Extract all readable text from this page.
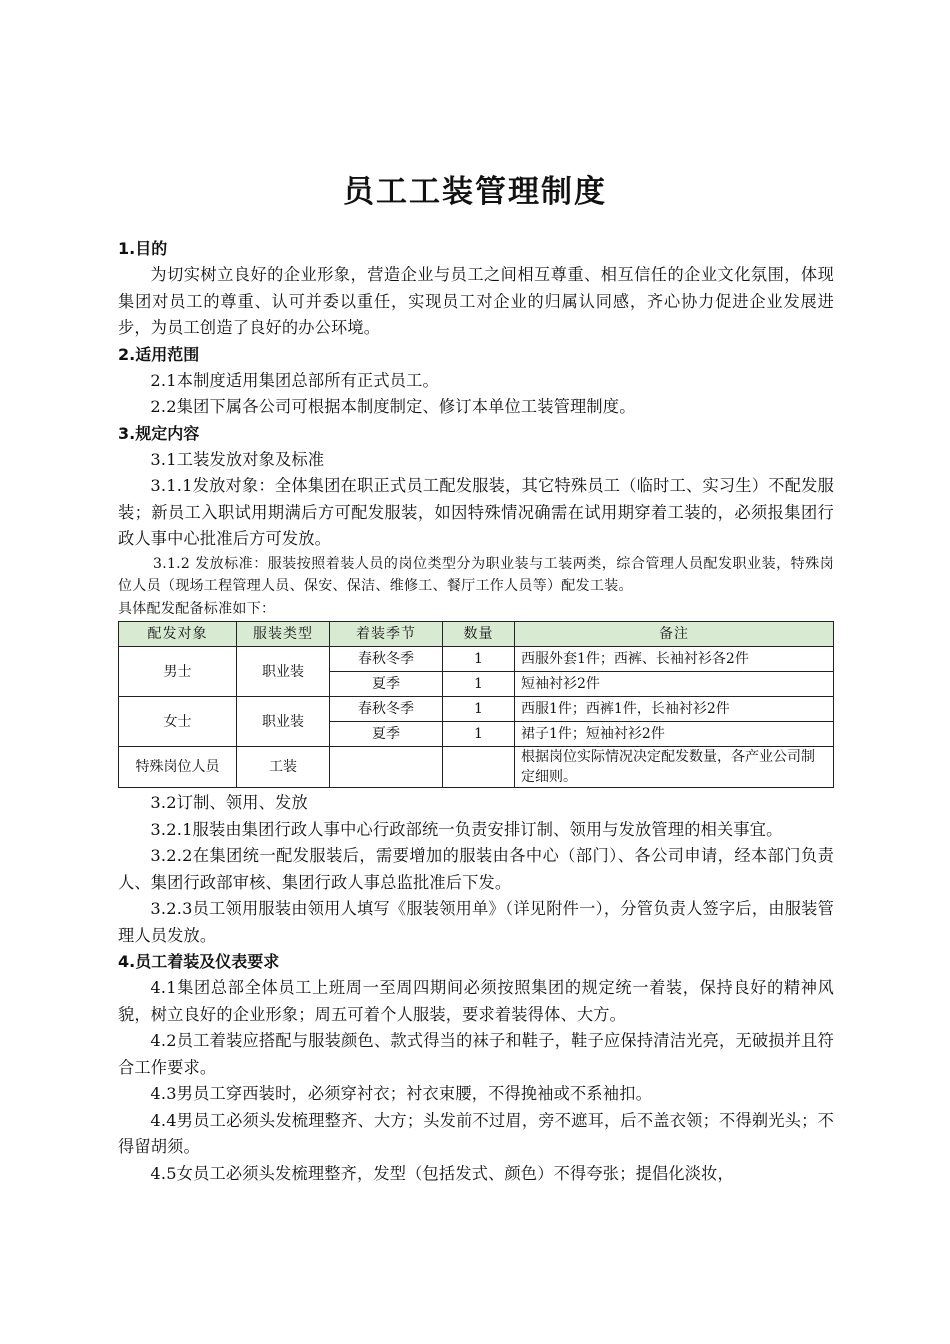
员工工装管理制度
1.目的
为切实树立良好的企业形象，营造企业与员工之间相互尊重、相互信任的企业文化氛围，体现集团对员工的尊重、认可并委以重任，实现员工对企业的归属认同感，齐心协力促进企业发展进步，为员工创造了良好的办公环境。
2.适用范围
2.1本制度适用集团总部所有正式员工。
2.2集团下属各公司可根据本制度制定、修订本单位工装管理制度。
3.规定内容
3.1工装发放对象及标准
3.1.1发放对象：全体集团在职正式员工配发服装，其它特殊员工（临时工、实习生）不配发服装；新员工入职试用期满后方可配发服装，如因特殊情况确需在试用期穿着工装的，必须报集团行政人事中心批准后方可发放。
3.1.2 发放标准：服装按照着装人员的岗位类型分为职业装与工装两类，综合管理人员配发职业装，特殊岗位人员（现场工程管理人员、保安、保洁、维修工、餐厅工作人员等）配发工装。
具体配发配备标准如下：
配发对象	服装类型	着装季节	数量	备注
男士	职业装	春秋冬季	1	西服外套1件；西裤、长袖衬衫各2件
		夏季	1	短袖衬衫2件
女士	职业装	春秋冬季	1	西服1件；西裤1件，长袖衬衫2件
		夏季	1	裙子1件；短袖衬衫2件
特殊岗位人员	工装			根据岗位实际情况决定配发数量，各产业公司制定细则。
3.2订制、领用、发放
3.2.1服装由集团行政人事中心行政部统一负责安排订制、领用与发放管理的相关事宜。
3.2.2在集团统一配发服装后，需要增加的服装由各中心（部门）、各公司申请，经本部门负责人、集团行政部审核、集团行政人事总监批准后下发。
3.2.3员工领用服装由领用人填写《服装领用单》（详见附件一），分管负责人签字后，由服装管理人员发放。
4.员工着装及仪表要求
4.1集团总部全体员工上班周一至周四期间必须按照集团的规定统一着装，保持良好的精神风貌，树立良好的企业形象；周五可着个人服装，要求着装得体、大方。
4.2员工着装应搭配与服装颜色、款式得当的袜子和鞋子，鞋子应保持清洁光亮，无破损并且符合工作要求。
4.3男员工穿西装时，必须穿衬衣；衬衣束腰，不得挽袖或不系袖扣。
4.4男员工必须头发梳理整齐、大方；头发前不过眉，旁不遮耳，后不盖衣领；不得剃光头；不得留胡须。
4.5女员工必须头发梳理整齐，发型（包括发式、颜色）不得夸张；提倡化淡妆，
